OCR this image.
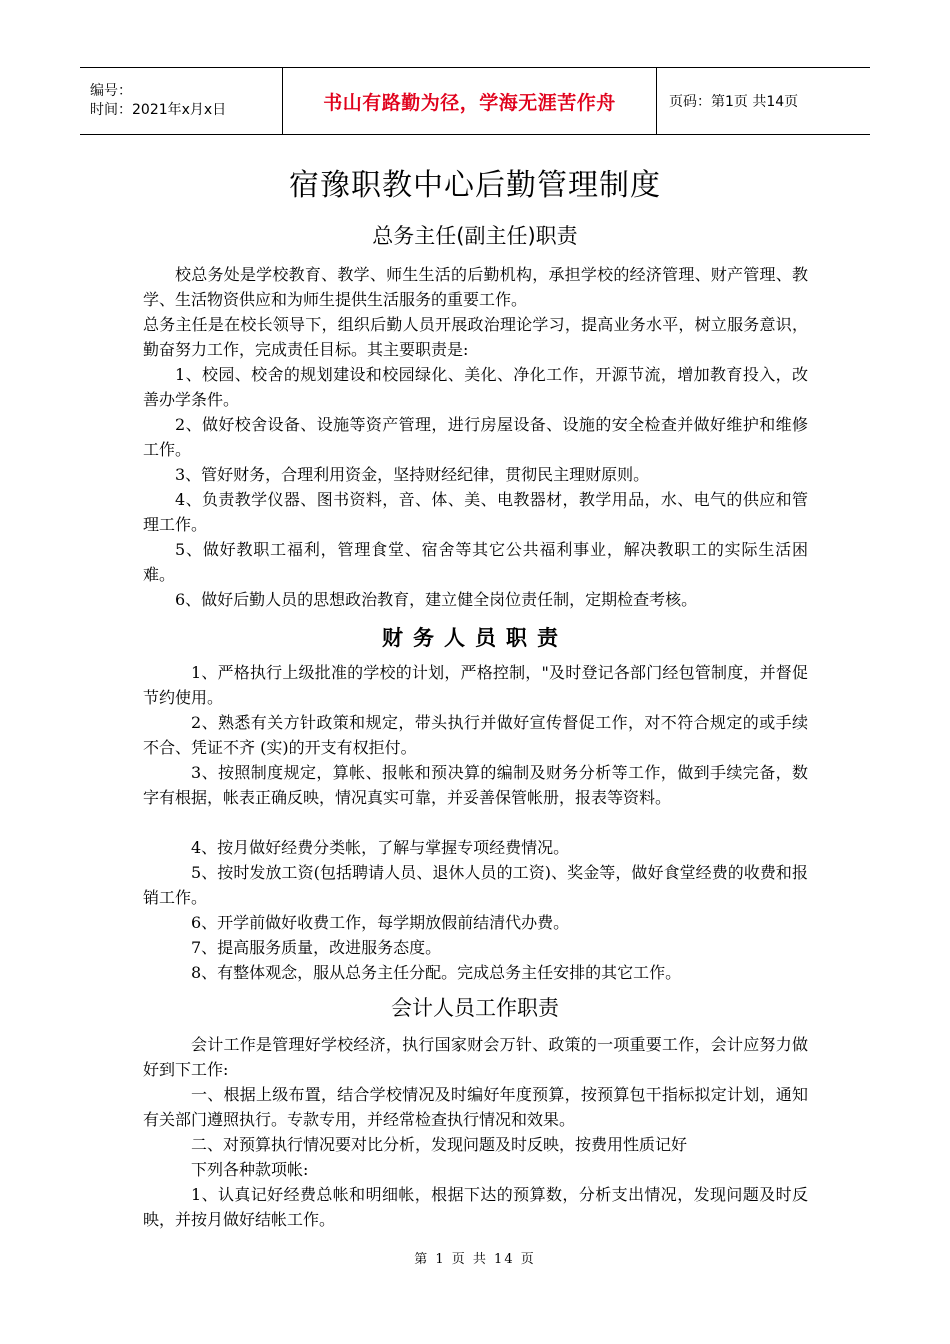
编号：
时间：2021年x月x日	书山有路勤为径，学海无涯苦作舟	页码：第1页 共14页
宿豫职教中心后勤管理制度
总务主任(副主任)职责

校总务处是学校教育、教学、师生生活的后勤机构，承担学校的经济管理、财产管理、教学、生活物资供应和为师生提供生活服务的重要工作。

总务主任是在校长领导下，组织后勤人员开展政治理论学习，提高业务水平，树立服务意识，勤奋努力工作，完成责任目标。其主要职责是:

1、校园、校舍的规划建设和校园绿化、美化、净化工作，开源节流，增加教育投入，改善办学条件。

2、做好校舍设备、设施等资产管理，进行房屋设备、设施的安全检查并做好维护和维修工作。

3、管好财务，合理利用资金，坚持财经纪律，贯彻民主理财原则。

4、负责教学仪器、图书资料，音、体、美、电教器材，教学用品，水、电气的供应和管理工作。

5、做好教职工福利，管理食堂、宿舍等其它公共福利事业，解决教职工的实际生活困难。

6、做好后勤人员的思想政治教育，建立健全岗位责任制，定期检查考核。

财务人员职责

1、严格执行上级批准的学校的计划，严格控制，"及时登记各部门经包管制度，并督促节约使用。

2、熟悉有关方针政策和规定，带头执行并做好宣传督促工作，对不符合规定的或手续不合、凭证不齐 (实)的开支有权拒付。

3、按照制度规定，算帐、报帐和预决算的编制及财务分析等工作，做到手续完备，数字有根据，帐表正确反映，情况真实可靠，并妥善保管帐册，报表等资料。

4、按月做好经费分类帐，了解与掌握专项经费情况。

5、按时发放工资(包括聘请人员、退休人员的工资)、奖金等，做好食堂经费的收费和报销工作。

6、开学前做好收费工作，每学期放假前结清代办费。

7、提高服务质量，改进服务态度。

8、有整体观念，服从总务主任分配。完成总务主任安排的其它工作。

会计人员工作职责

会计工作是管理好学校经济，执行国家财会万针、政策的一项重要工作，会计应努力做好到下工作:

一、根据上级布置，结合学校情况及时编好年度预算，按预算包干指标拟定计划，通知有关部门遵照执行。专款专用，并经常检查执行情况和效果。

二、对预算执行情况要对比分析，发现问题及时反映，按费用性质记好

下列各种款项帐:

1、认真记好经费总帐和明细帐，根据下达的预算数，分析支出情况，发现问题及时反映，并按月做好结帐工作。

第 1 页 共 14 页
